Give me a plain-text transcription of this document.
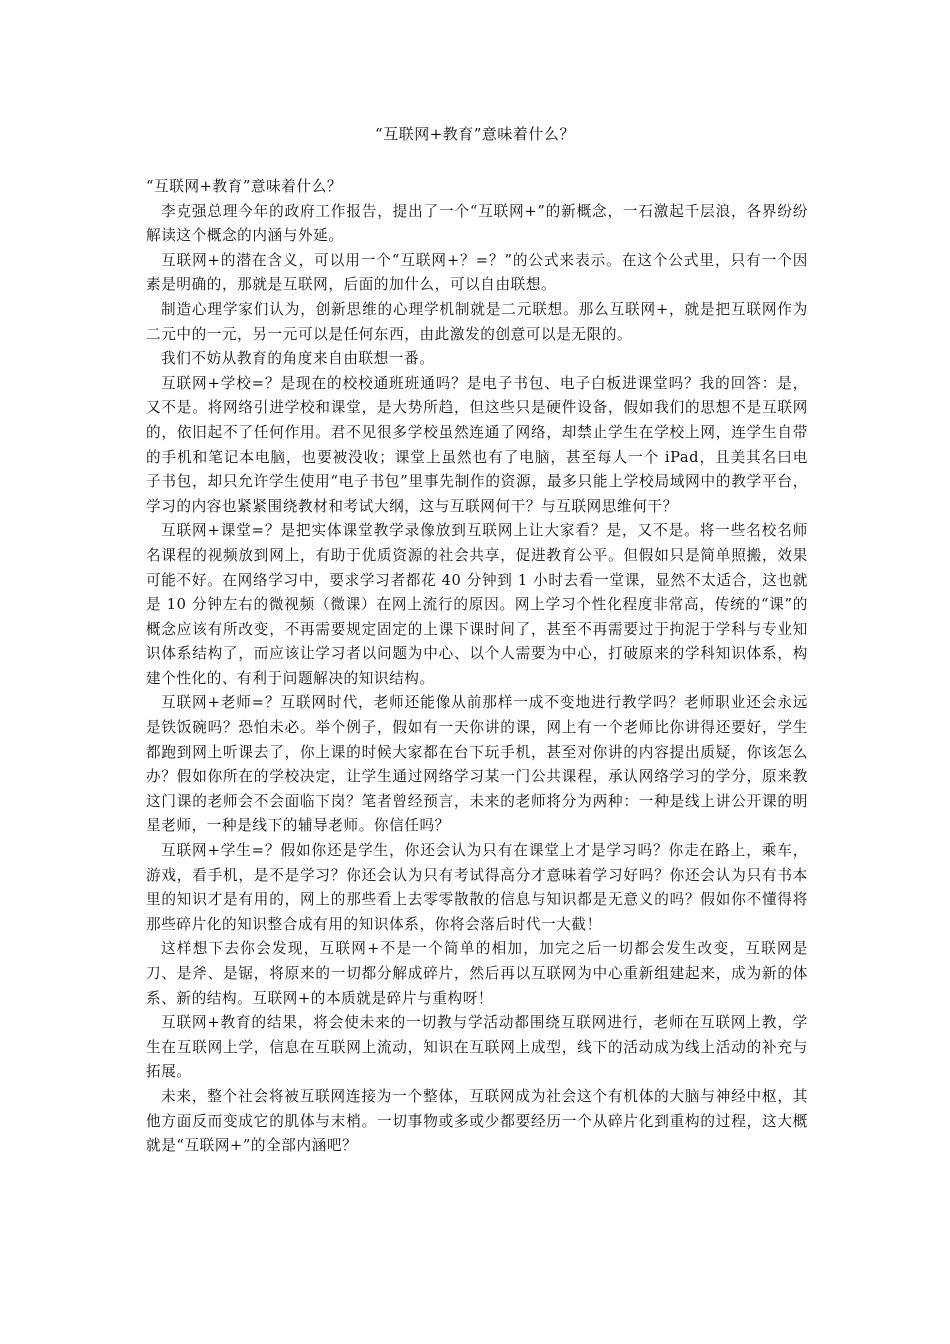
“互联网+教育”意味着什么？

“互联网+教育”意味着什么？

李克强总理今年的政府工作报告，提出了一个“互联网+”的新概念，一石激起千层浪，各界纷纷解读这个概念的内涵与外延。

互联网+的潜在含义，可以用一个“互联网+？=？”的公式来表示。在这个公式里，只有一个因素是明确的，那就是互联网，后面的加什么，可以自由联想。

制造心理学家们认为，创新思维的心理学机制就是二元联想。那么互联网+，就是把互联网作为二元中的一元，另一元可以是任何东西，由此激发的创意可以是无限的。

我们不妨从教育的角度来自由联想一番。

互联网+学校=？是现在的校校通班班通吗？是电子书包、电子白板进课堂吗？我的回答：是，又不是。将网络引进学校和课堂，是大势所趋，但这些只是硬件设备，假如我们的思想不是互联网的，依旧起不了任何作用。君不见很多学校虽然连通了网络，却禁止学生在学校上网，连学生自带的手机和笔记本电脑，也要被没收；课堂上虽然也有了电脑，甚至每人一个 iPad，且美其名曰电子书包，却只允许学生使用“电子书包”里事先制作的资源，最多只能上学校局域网中的教学平台，学习的内容也紧紧围绕教材和考试大纲，这与互联网何干？与互联网思维何干？

互联网+课堂=？是把实体课堂教学录像放到互联网上让大家看？是，又不是。将一些名校名师名课程的视频放到网上，有助于优质资源的社会共享，促进教育公平。但假如只是简单照搬，效果可能不好。在网络学习中，要求学习者都花 40 分钟到 1 小时去看一堂课，显然不太适合，这也就是 10 分钟左右的微视频（微课）在网上流行的原因。网上学习个性化程度非常高，传统的“课”的概念应该有所改变，不再需要规定固定的上课下课时间了，甚至不再需要过于拘泥于学科与专业知识体系结构了，而应该让学习者以问题为中心、以个人需要为中心，打破原来的学科知识体系，构建个性化的、有利于问题解决的知识结构。

互联网+老师=？互联网时代，老师还能像从前那样一成不变地进行教学吗？老师职业还会永远是铁饭碗吗？恐怕未必。举个例子，假如有一天你讲的课，网上有一个老师比你讲得还要好，学生都跑到网上听课去了，你上课的时候大家都在台下玩手机，甚至对你讲的内容提出质疑，你该怎么办？假如你所在的学校决定，让学生通过网络学习某一门公共课程，承认网络学习的学分，原来教这门课的老师会不会面临下岗？笔者曾经预言，未来的老师将分为两种：一种是线上讲公开课的明星老师，一种是线下的辅导老师。你信任吗？

互联网+学生=？假如你还是学生，你还会认为只有在课堂上才是学习吗？你走在路上，乘车，游戏，看手机，是不是学习？你还会认为只有考试得高分才意味着学习好吗？你还会认为只有书本里的知识才是有用的，网上的那些看上去零零散散的信息与知识都是无意义的吗？假如你不懂得将那些碎片化的知识整合成有用的知识体系，你将会落后时代一大截！

这样想下去你会发现，互联网+不是一个简单的相加，加完之后一切都会发生改变，互联网是刀、是斧、是锯，将原来的一切都分解成碎片，然后再以互联网为中心重新组建起来，成为新的体系、新的结构。互联网+的本质就是碎片与重构呀！

互联网+教育的结果，将会使未来的一切教与学活动都围绕互联网进行，老师在互联网上教，学生在互联网上学，信息在互联网上流动，知识在互联网上成型，线下的活动成为线上活动的补充与拓展。

未来，整个社会将被互联网连接为一个整体，互联网成为社会这个有机体的大脑与神经中枢，其他方面反而变成它的肌体与末梢。一切事物或多或少都要经历一个从碎片化到重构的过程，这大概就是“互联网+”的全部内涵吧？
